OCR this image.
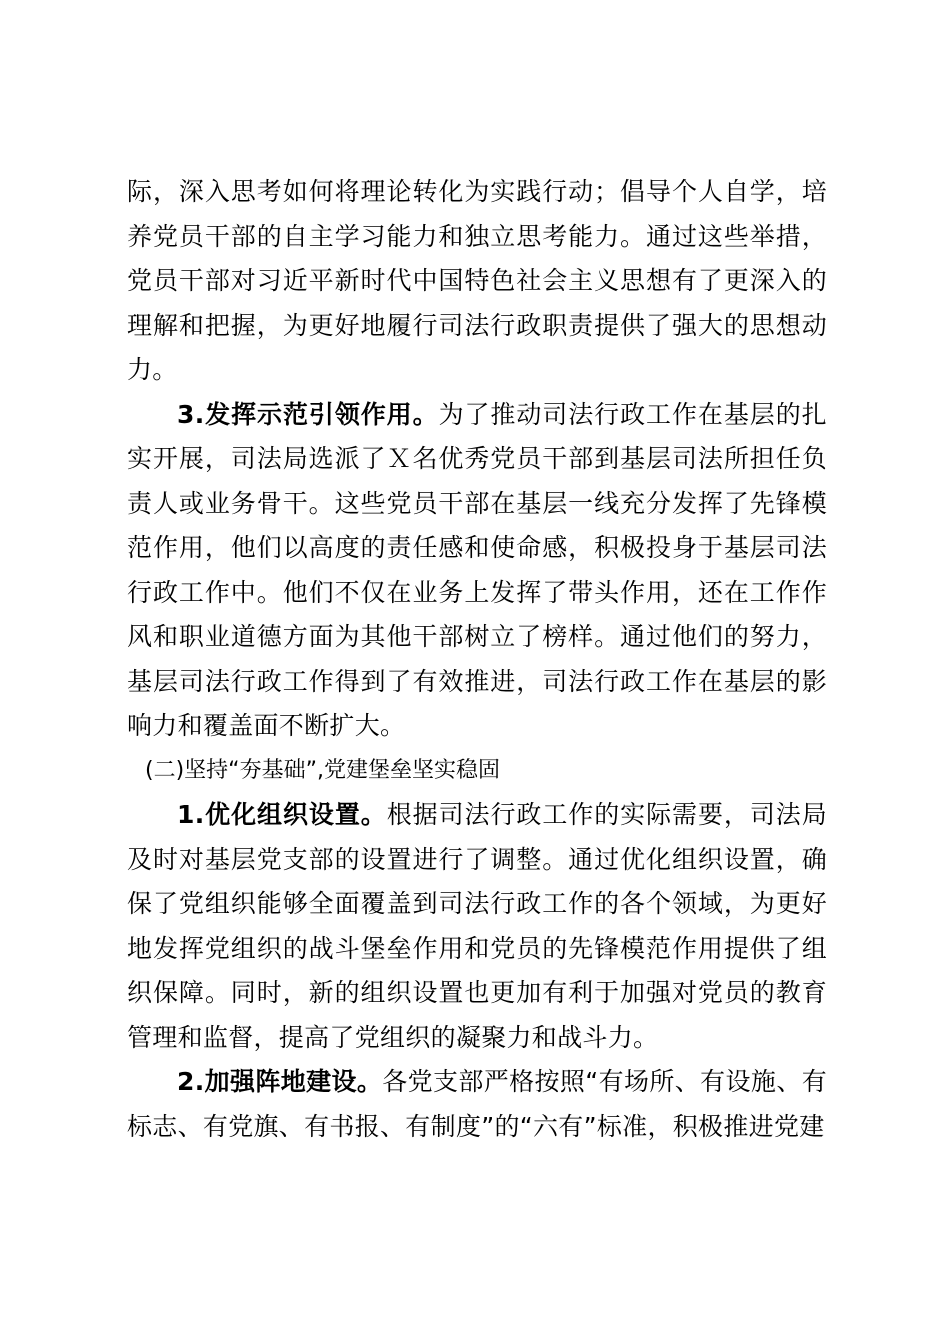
际，深入思考如何将理论转化为实践行动；倡导个人自学，培养党员干部的自主学习能力和独立思考能力。通过这些举措，党员干部对习近平新时代中国特色社会主义思想有了更深入的理解和把握，为更好地履行司法行政职责提供了强大的思想动力。

3.发挥示范引领作用。为了推动司法行政工作在基层的扎实开展，司法局选派了Ｘ名优秀党员干部到基层司法所担任负责人或业务骨干。这些党员干部在基层一线充分发挥了先锋模范作用，他们以高度的责任感和使命感，积极投身于基层司法行政工作中。他们不仅在业务上发挥了带头作用，还在工作作风和职业道德方面为其他干部树立了榜样。通过他们的努力，基层司法行政工作得到了有效推进，司法行政工作在基层的影响力和覆盖面不断扩大。

(二)坚持“夯基础”,党建堡垒坚实稳固

1.优化组织设置。根据司法行政工作的实际需要，司法局及时对基层党支部的设置进行了调整。通过优化组织设置，确保了党组织能够全面覆盖到司法行政工作的各个领域，为更好地发挥党组织的战斗堡垒作用和党员的先锋模范作用提供了组织保障。同时，新的组织设置也更加有利于加强对党员的教育管理和监督，提高了党组织的凝聚力和战斗力。

2.加强阵地建设。各党支部严格按照“有场所、有设施、有标志、有党旗、有书报、有制度”的“六有”标准，积极推进党建
